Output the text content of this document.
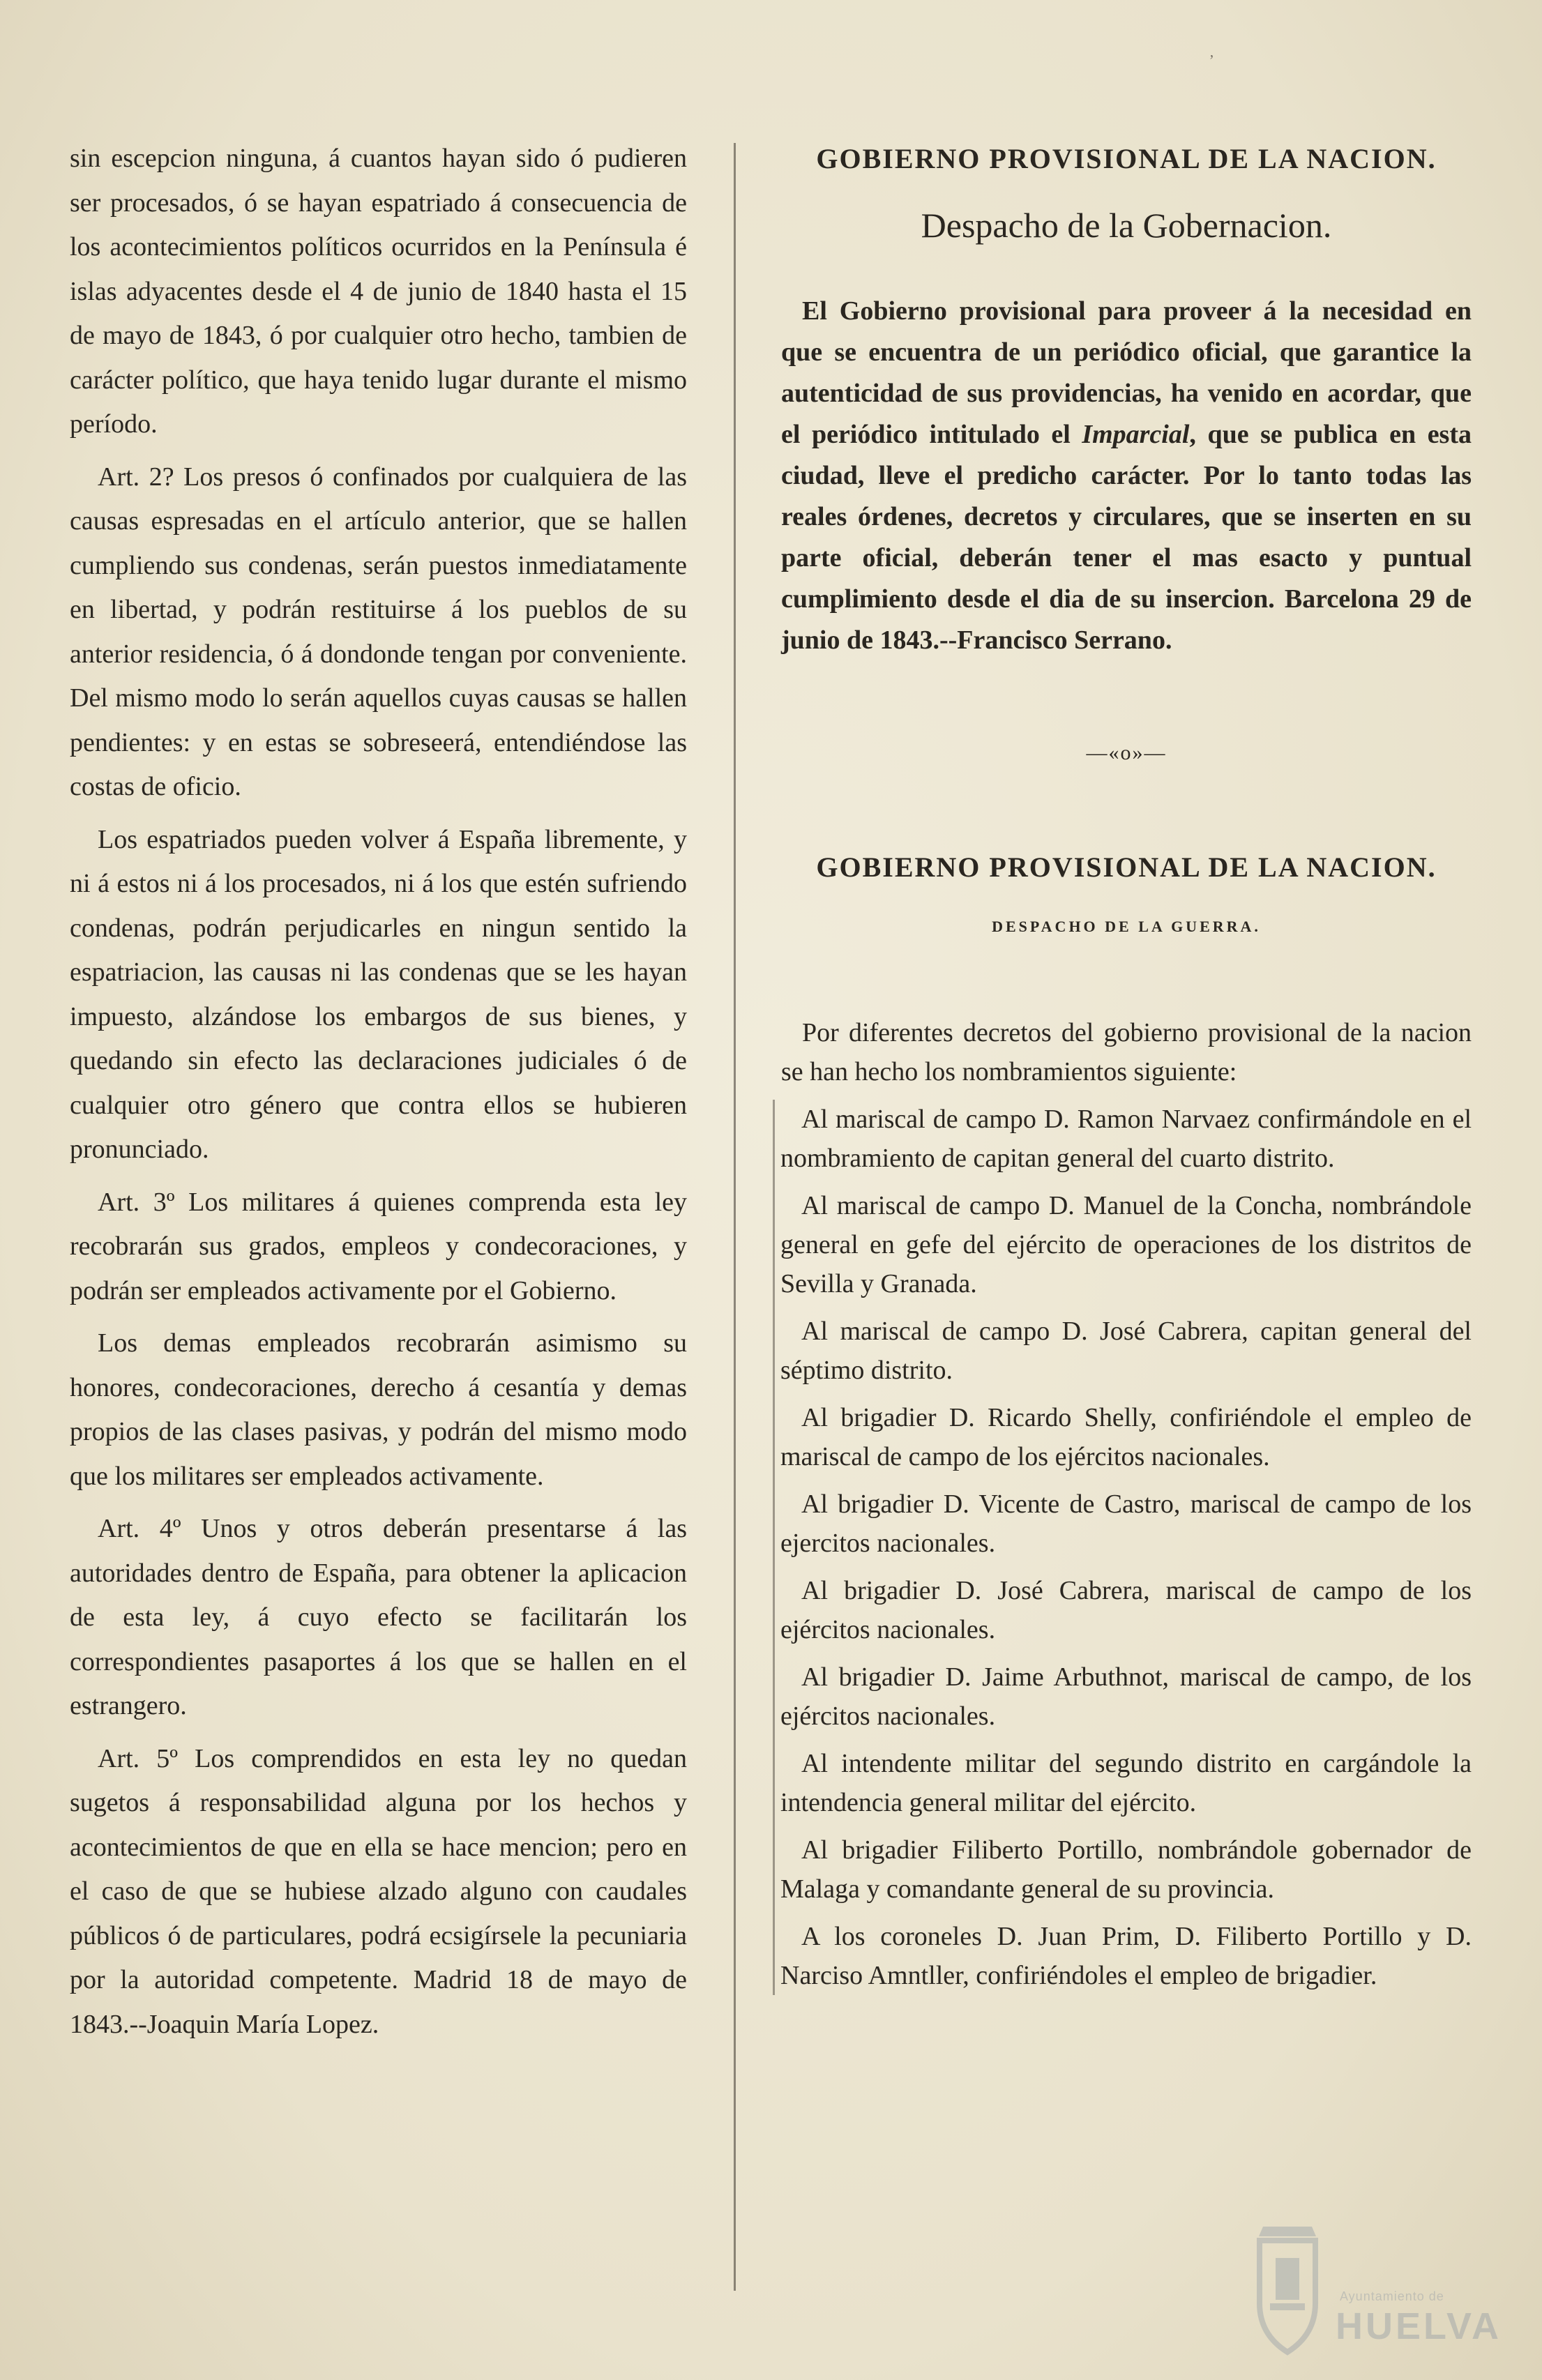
ʼ

sin escepcion ninguna, á cuantos hayan sido ó pudieren ser procesados, ó se hayan espatriado á consecuencia de los acontecimientos políticos ocurridos en la Península é islas adyacentes desde el 4 de junio de 1840 hasta el 15 de mayo de 1843, ó por cualquier otro hecho, tambien de carácter político, que haya tenido lugar durante el mismo período.

Art. 2? Los presos ó confinados por cualquiera de las causas espresadas en el artículo anterior, que se hallen cumpliendo sus condenas, serán puestos inmediatamente en libertad, y podrán restituirse á los pueblos de su anterior residencia, ó á dondonde tengan por conveniente. Del mismo modo lo serán aquellos cuyas causas se hallen pendientes: y en estas se sobreseerá, entendiéndose las costas de oficio.

Los espatriados pueden volver á España libremente, y ni á estos ni á los procesados, ni á los que estén sufriendo condenas, podrán perjudicarles en ningun sentido la espatriacion, las causas ni las condenas que se les hayan impuesto, alzándose los embargos de sus bienes, y quedando sin efecto las declaraciones judiciales ó de cualquier otro género que contra ellos se hubieren pronunciado.

Art. 3º Los militares á quienes comprenda esta ley recobrarán sus grados, empleos y condecoraciones, y podrán ser empleados activamente por el Gobierno.

Los demas empleados recobrarán asimismo su honores, condecoraciones, derecho á cesantía y demas propios de las clases pasivas, y podrán del mismo modo que los militares ser empleados activamente.

Art. 4º Unos y otros deberán presentarse á las autoridades dentro de España, para obtener la aplicacion de esta ley, á cuyo efecto se facilitarán los correspondientes pasaportes á los que se hallen en el estrangero.

Art. 5º Los comprendidos en esta ley no quedan sugetos á responsabilidad alguna por los hechos y acontecimientos de que en ella se hace mencion; pero en el caso de que se hubiese alzado alguno con caudales públicos ó de particulares, podrá ecsigírsele la pecuniaria por la autoridad competente. Madrid 18 de mayo de 1843.--Joaquin María Lopez.

GOBIERNO PROVISIONAL DE LA NACION.
Despacho de la Gobernacion.

El Gobierno provisional para proveer á la necesidad en que se encuentra de un periódico oficial, que garantice la autenticidad de sus providencias, ha venido en acordar, que el periódico intitulado el Imparcial, que se publica en esta ciudad, lleve el predicho carácter. Por lo tanto todas las reales órdenes, decretos y circulares, que se inserten en su parte oficial, deberán tener el mas esacto y puntual cumplimiento desde el dia de su insercion. Barcelona 29 de junio de 1843.--Francisco Serrano.

—«o»—
GOBIERNO PROVISIONAL DE LA NACION.
DESPACHO DE LA GUERRA.

Por diferentes decretos del gobierno provisional de la nacion se han hecho los nombramientos siguiente:

Al mariscal de campo D. Ramon Narvaez confirmándole en el nombramiento de capitan general del cuarto distrito.

Al mariscal de campo D. Manuel de la Concha, nombrándole general en gefe del ejército de operaciones de los distritos de Sevilla y Granada.

Al mariscal de campo D. José Cabrera, capitan general del séptimo distrito.

Al brigadier D. Ricardo Shelly, confiriéndole el empleo de mariscal de campo de los ejércitos nacionales.

Al brigadier D. Vicente de Castro, mariscal de campo de los ejercitos nacionales.

Al brigadier D. José Cabrera, mariscal de campo de los ejércitos nacionales.

Al brigadier D. Jaime Arbuthnot, mariscal de campo, de los ejércitos nacionales.

Al intendente militar del segundo distrito en cargándole la intendencia general militar del ejército.

Al brigadier Filiberto Portillo, nombrándole gobernador de Malaga y comandante general de su provincia.

A los coroneles D. Juan Prim, D. Filiberto Portillo y D. Narciso Amntller, confiriéndoles el empleo de brigadier.

Ayuntamiento de
HUELVA
